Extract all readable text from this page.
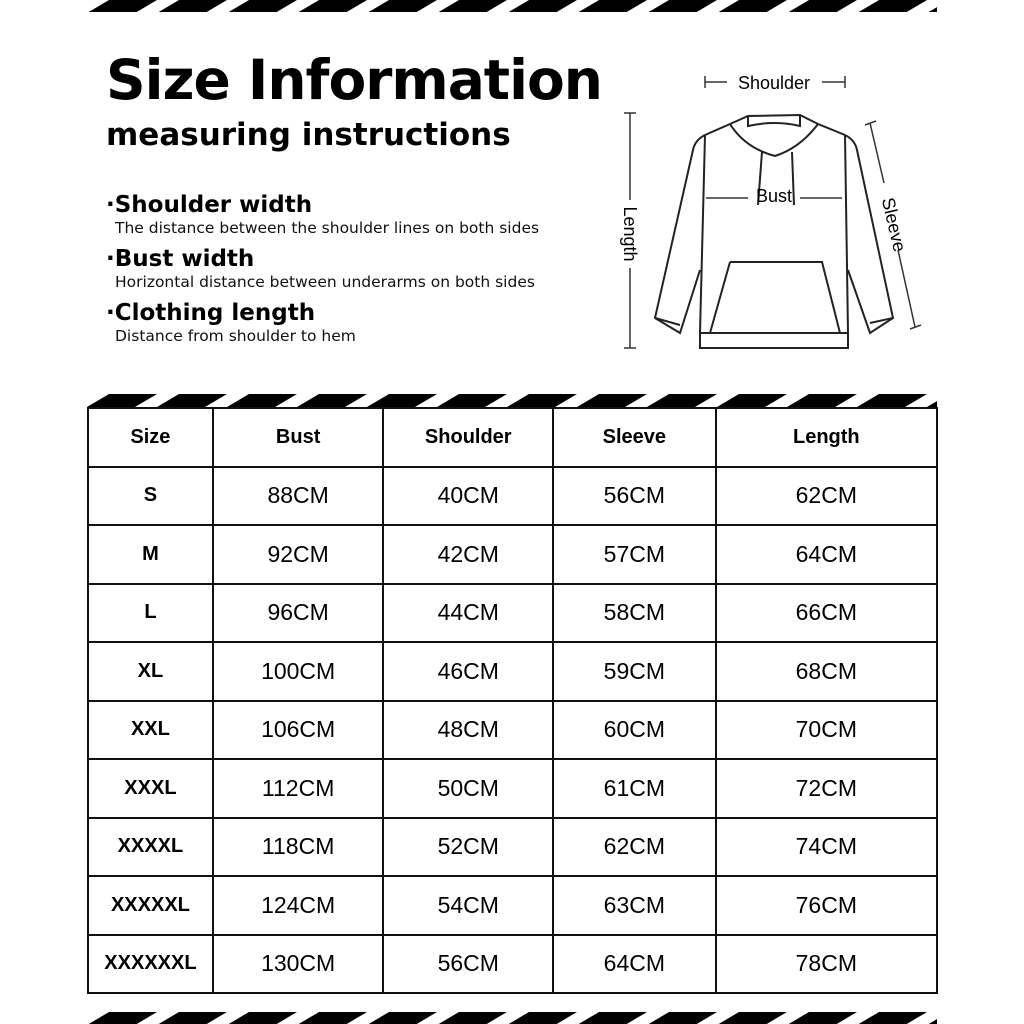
Size Information
measuring instructions
·Shoulder width
The distance between the shoulder lines on both sides
·Bust width
Horizontal distance between underarms on both sides
·Clothing length
Distance from shoulder to hem
Shoulder
Bust
Length	Sleeve
Size	Bust	Shoulder	Sleeve	Length
S	88CM	40CM	56CM	62CM
M	92CM	42CM	57CM	64CM
L	96CM	44CM	58CM	66CM
XL	100CM	46CM	59CM	68CM
XXL	106CM	48CM	60CM	70CM
XXXL	112CM	50CM	61CM	72CM
XXXXL	118CM	52CM	62CM	74CM
XXXXXL	124CM	54CM	63CM	76CM
XXXXXXL	130CM	56CM	64CM	78CM
